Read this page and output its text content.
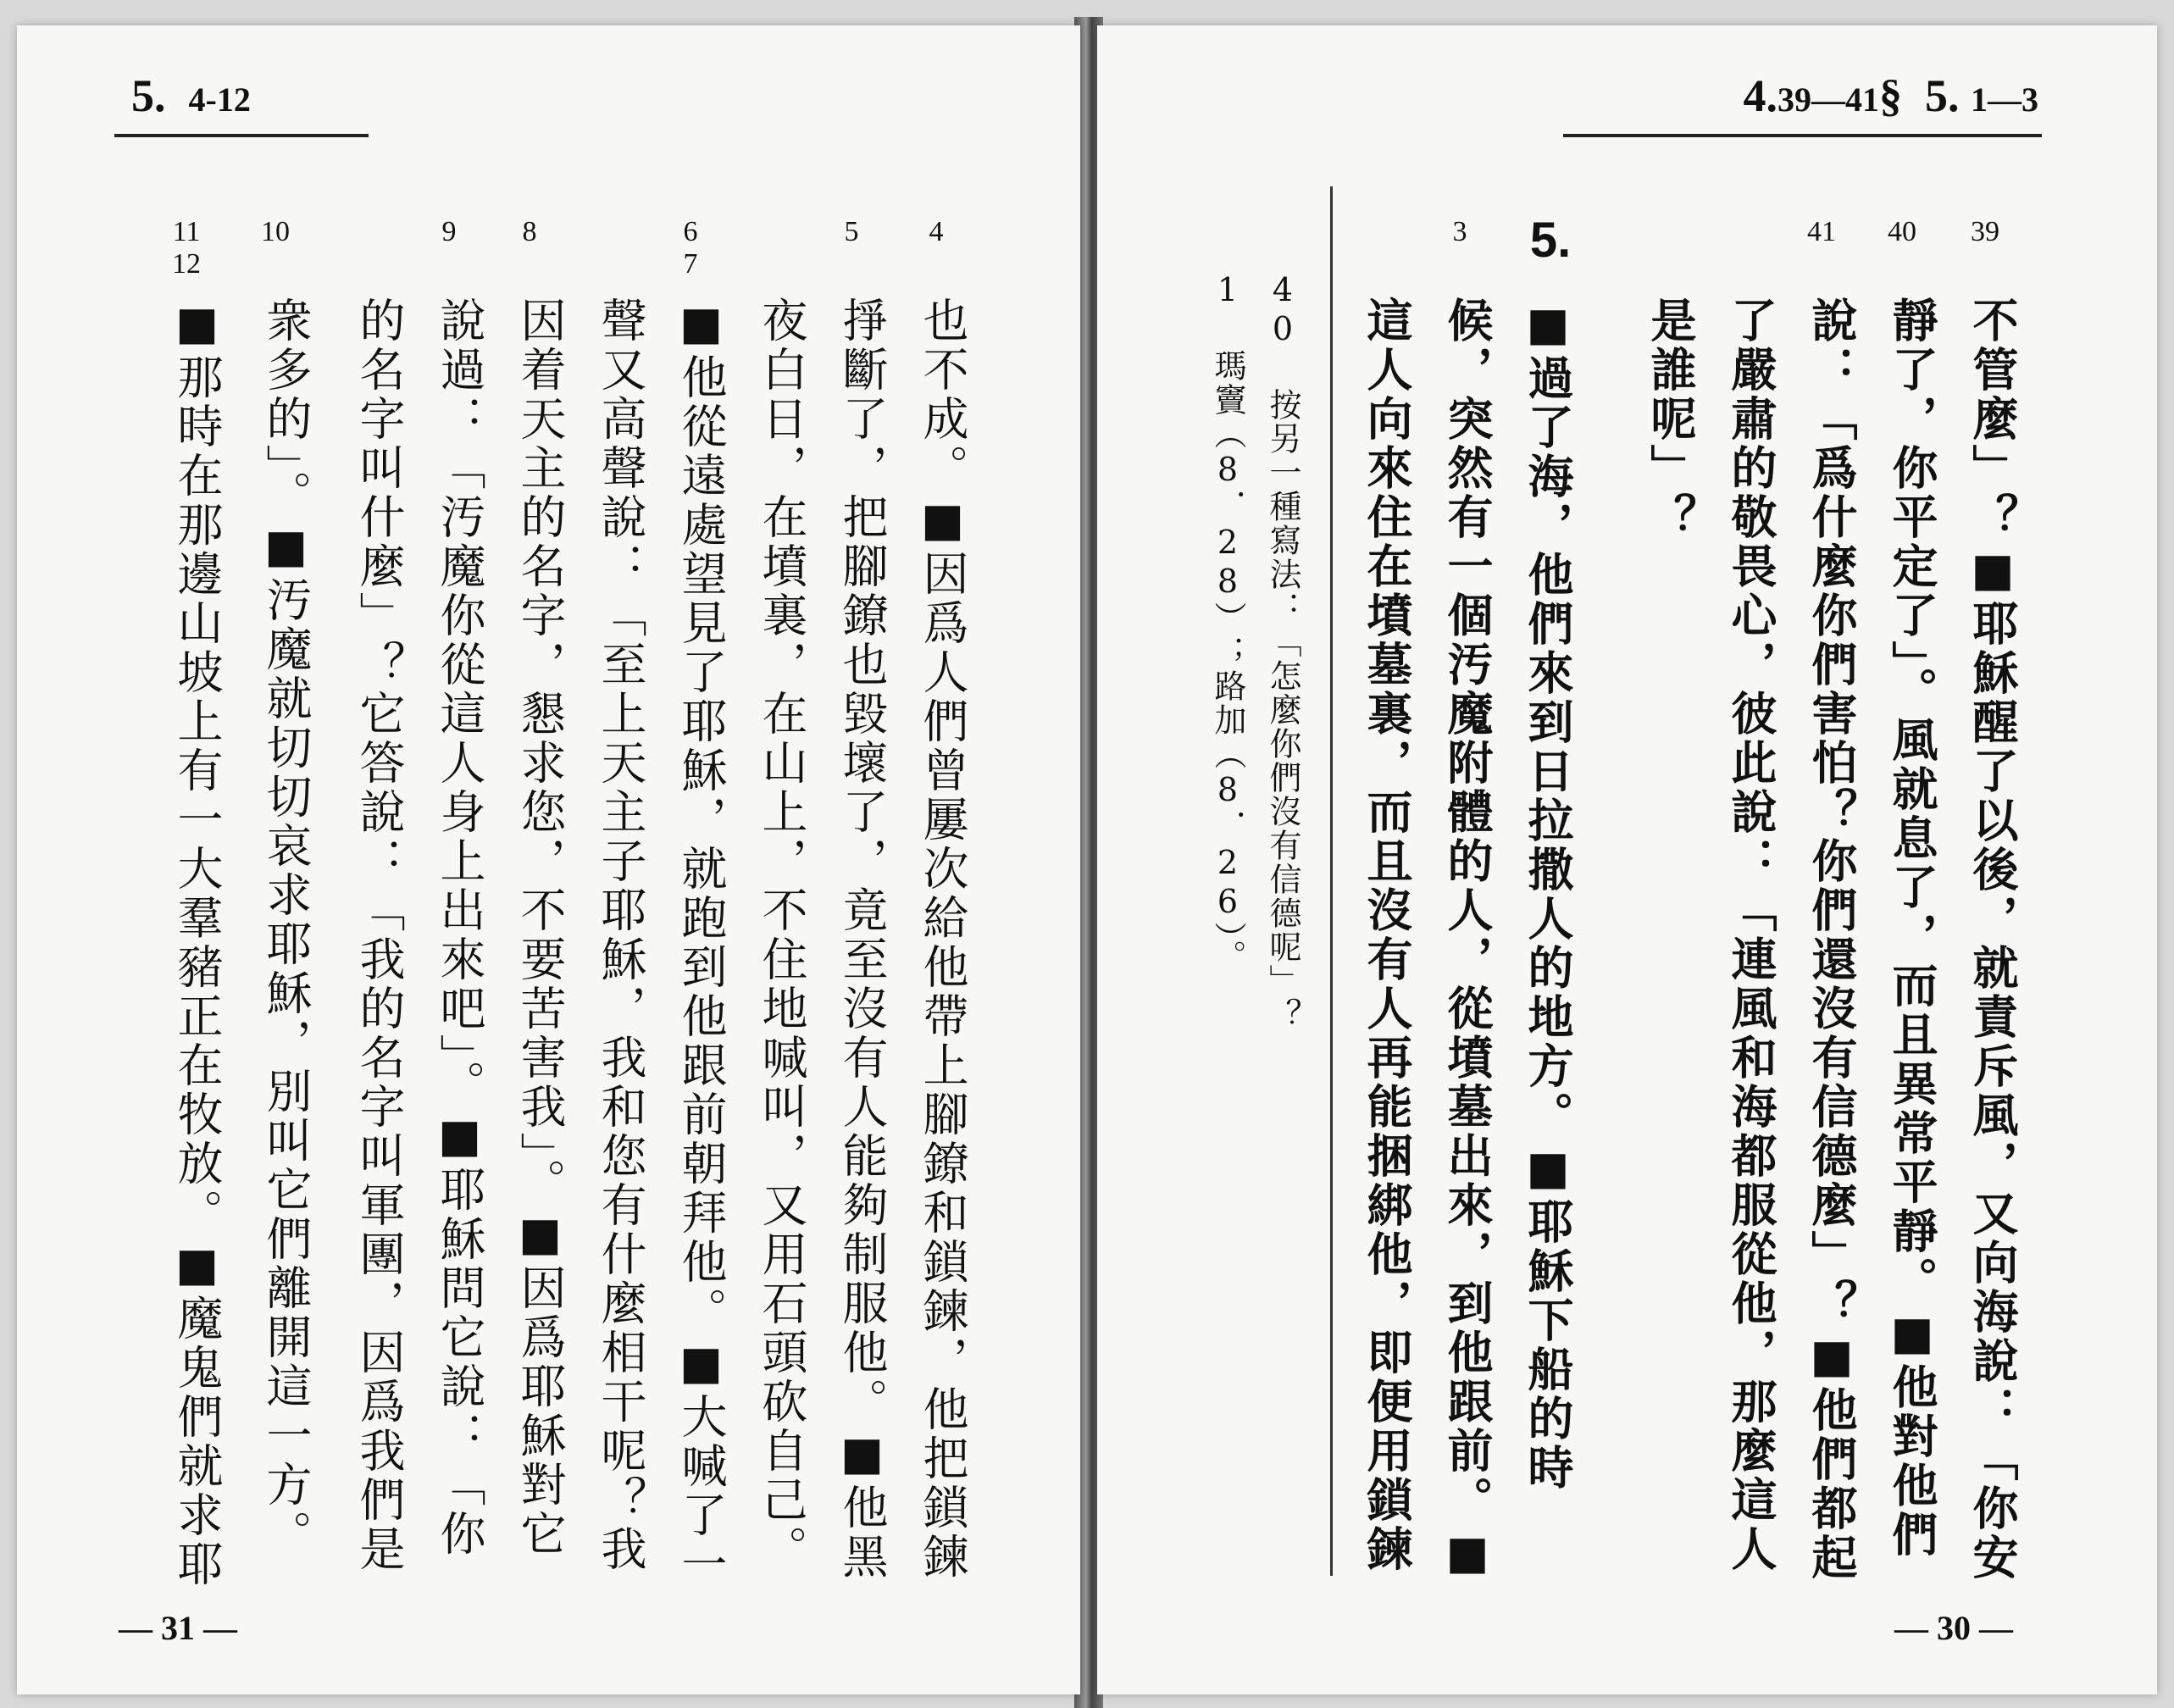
5. 4-12
4
5
6
7
8
9
10
11
12
也不成。■因爲人們曾屢次給他帶上腳鐐和鎖鍊，他把鎖鍊
掙斷了，把腳鐐也毀壞了，竟至沒有人能夠制服他。■他黑
夜白日，在墳裏，在山上，不住地喊叫，又用石頭砍自己。
■他從遠處望見了耶穌，就跑到他跟前朝拜他。■大喊了一
聲又高聲說：「至上天主子耶穌，我和您有什麼相干呢？我
因着天主的名字，懇求您，不要苦害我」。■因爲耶穌對它
說過：「汚魔你從這人身上出來吧」。■耶穌問它說：「你
的名字叫什麼」？它答說：「我的名字叫軍團，因爲我們是
衆多的」。■汚魔就切切哀求耶穌，別叫它們離開這一方。
■那時在那邊山坡上有一大羣豬正在牧放。■魔鬼們就求耶
— 31 —
4.39—41§ 5. 1—3
39
40
41
5.
3
不管麼」？■耶穌醒了以後，就責斥風，又向海說：「你安
靜了，你平定了」。風就息了，而且異常平靜。■他對他們
說：「爲什麼你們害怕？你們還沒有信德麼」？■他們都起
了嚴肅的敬畏心，彼此說：「連風和海都服從他，那麼這人
是誰呢」？
■過了海，他們來到日拉撒人的地方。■耶穌下船的時
候，突然有一個汚魔附體的人，從墳墓出來，到他跟前。■
這人向來住在墳墓裏，而且沒有人再能捆綁他，即便用鎖鍊
40 按另一種寫法：「怎麼你們沒有信德呢」？
1 瑪竇（8．28）；路加（8．26）。
— 30 —
